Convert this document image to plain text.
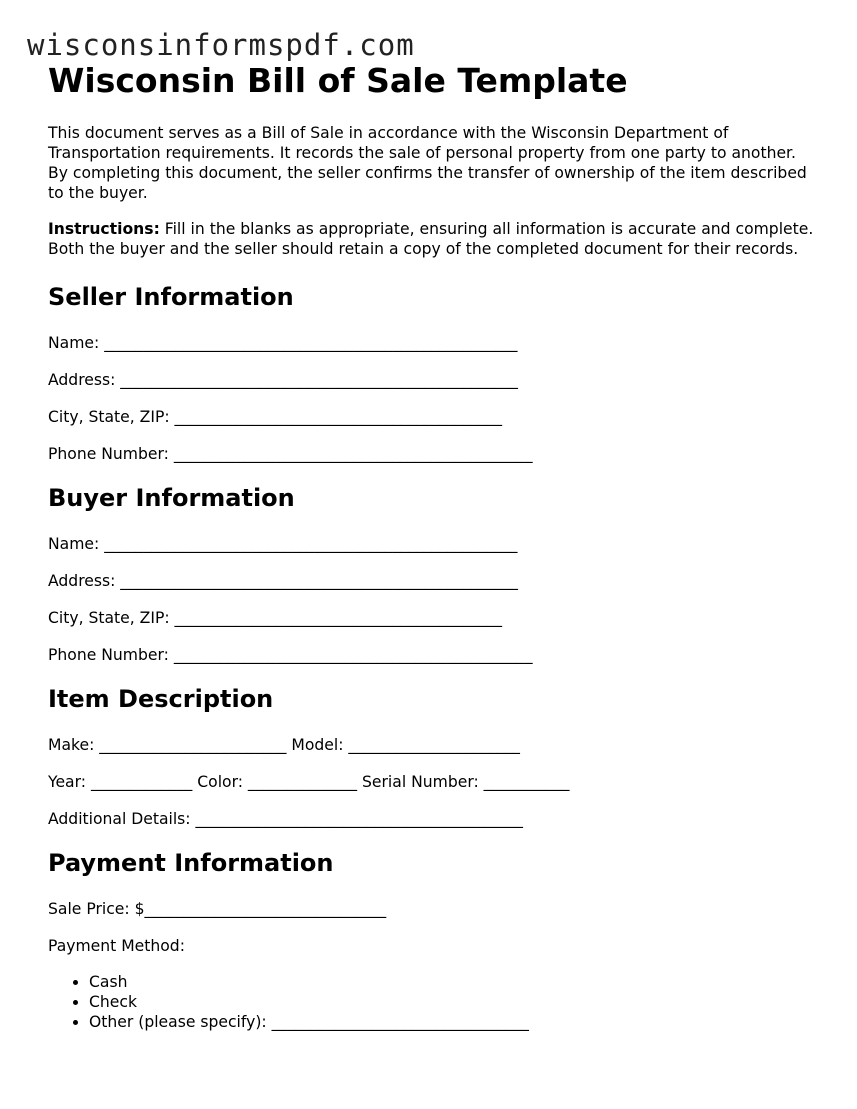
wisconsinformspdf.com
Wisconsin Bill of Sale Template

This document serves as a Bill of Sale in accordance with the Wisconsin Department of Transportation requirements. It records the sale of personal property from one party to another. By completing this document, the seller confirms the transfer of ownership of the item described to the buyer.

Instructions: Fill in the blanks as appropriate, ensuring all information is accurate and complete. Both the buyer and the seller should retain a copy of the completed document for their records.

Seller Information
Name: _____________________________________________________
Address: ___________________________________________________
City, State, ZIP: __________________________________________
Phone Number: ______________________________________________
Buyer Information
Name: _____________________________________________________
Address: ___________________________________________________
City, State, ZIP: __________________________________________
Phone Number: ______________________________________________
Item Description
Make: ________________________ Model: ______________________
Year: _____________ Color: ______________ Serial Number: ___________
Additional Details: __________________________________________
Payment Information
Sale Price: $_______________________________
Payment Method:
• Cash
• Check
• Other (please specify): _________________________________
